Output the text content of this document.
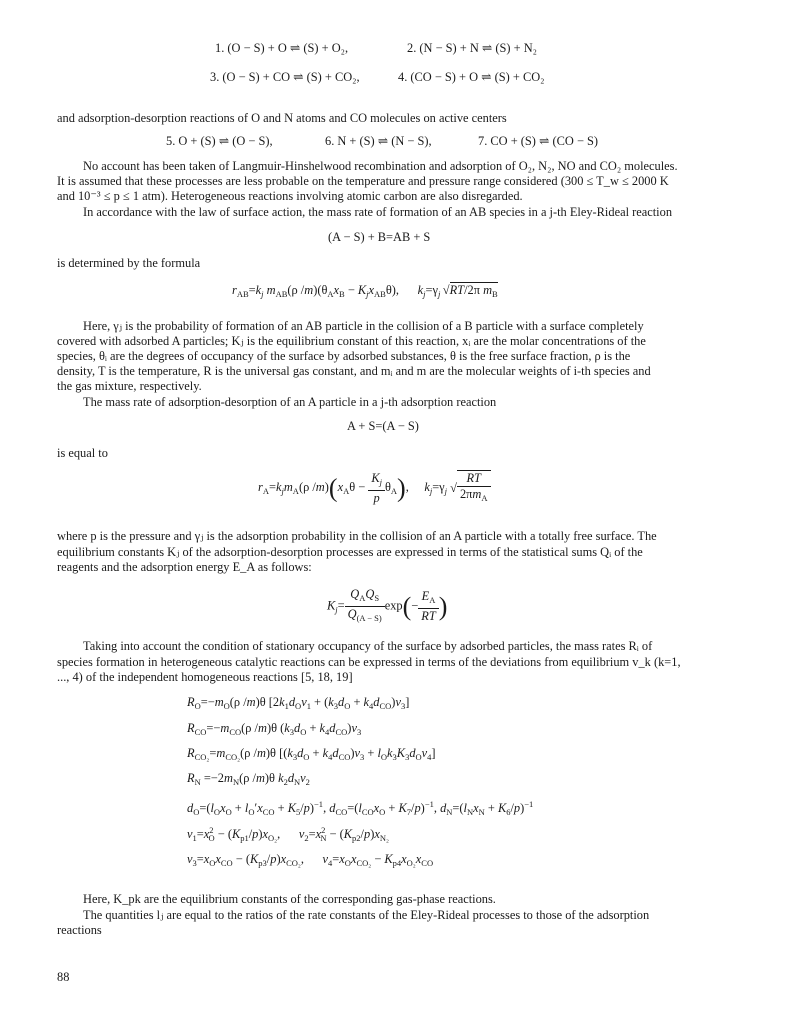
1. (O − S) + O ⇌ (S) + O₂,	2. (N − S) + N ⇌ (S) + N₂
3. (O − S) + CO ⇌ (S) + CO₂,	4. (CO − S) + O ⇌ (S) + CO₂
and adsorption-desorption reactions of O and N atoms and CO molecules on active centers
5. O + (S) ⇌ (O − S),	6. N + (S) ⇌ (N − S),	7. CO + (S) ⇌ (CO − S)
No account has been taken of Langmuir-Hinshelwood recombination and adsorption of O₂, N₂, NO and CO₂ molecules.
It is assumed that these processes are less probable on the temperature and pressure range considered (300 ≤ T_w ≤ 2000 K
and 10⁻³ ≤ p ≤ 1 atm). Heterogeneous reactions involving atomic carbon are also disregarded.
In accordance with the law of surface action, the mass rate of formation of an AB species in a j-th Eley-Rideal reaction
(A − S) + B=AB + S
is determined by the formula
$r_{AB}=k_j$ $m_{AB}(\rho$ $/m)(\theta_Ax_B - K_jx_{AB}\theta)$,      $k_j=\gamma_j$ √RT/2π $m_B$
Here, γⱼ is the probability of formation of an AB particle in the collision of a B particle with a surface completely
covered with adsorbed A particles; Kⱼ is the equilibrium constant of this reaction, xᵢ are the molar concentrations of the
species, θᵢ are the degrees of occupancy of the surface by adsorbed substances, θ is the free surface fraction, ρ is the
density, T is the temperature, R is the universal gas constant, and mᵢ and m are the molecular weights of i-th species and
the gas mixture, respectively.
The mass rate of adsorption-desorption of an A particle in a j-th adsorption reaction
A + S=(A − S)
is equal to
$r_A=k_jm_A(\rho$ $/m)(x_A\theta - \frac{K_j}{p} \theta_A)$,     $k_j=\gamma_j$ √ $\frac{RT}{2\pi m_A}$
where p is the pressure and γⱼ is the adsorption probability in the collision of an A particle with a totally free surface. The
equilibrium constants Kⱼ of the adsorption-desorption processes are expressed in terms of the statistical sums Qᵢ of the
reagents and the adsorption energy E_A as follows:
$K_j= \frac{Q_AQ_S}{Q_{(A - S)}} \exp(- \frac{E_A}{RT}$ )
Taking into account the condition of stationary occupancy of the surface by adsorbed particles, the mass rates Rᵢ of
species formation in heterogeneous catalytic reactions can be expressed in terms of the deviations from equilibrium v_k (k=1,
..., 4) of the independent homogeneous reactions [5, 18, 19]
$R_O=-m_O(\rho$ /m)θ $[2k_1d_Ov_1 + (k_3d_O + k_4d_{CO})v_3]$
$R_{CO}=-m_{CO}(\rho$ /m)θ $(k_3d_O + k_4d_{CO})v_3$
$R_{CO_2}=m_{CO_2}(\rho$ /m)θ $[(k_3d_O + k_4d_{CO})v_3 + l_Ok_3K_3d_Ov_4]$
$R_N =-2m_N(\rho$ /m)θ $k_2d_Nv_2$
$d_O=(l_Ox_O + l_O'x_{CO} + K_5/p)^{-1}$, $d_{CO}=(l_{CO}x_O + K_7/p)^{-1}$, $d_N=(l_Nx_N + K_6/p)^{-1}$
$v_1=x^2_O - (K_{p1}/p)x_{O_2}$,      $v_2=x^2_N - (K_{p2}/p)x_{N_2}$
$v_3=x_Ox_{CO} - (K_{p3}/p)x_{CO_2}$,      $v_4=x_Ox_{CO_2} - K_{p4}x_{O_2}x_{CO}$
Here, K_pk are the equilibrium constants of the corresponding gas-phase reactions.
The quantities lⱼ are equal to the ratios of the rate constants of the Eley-Rideal processes to those of the adsorption
reactions
88
